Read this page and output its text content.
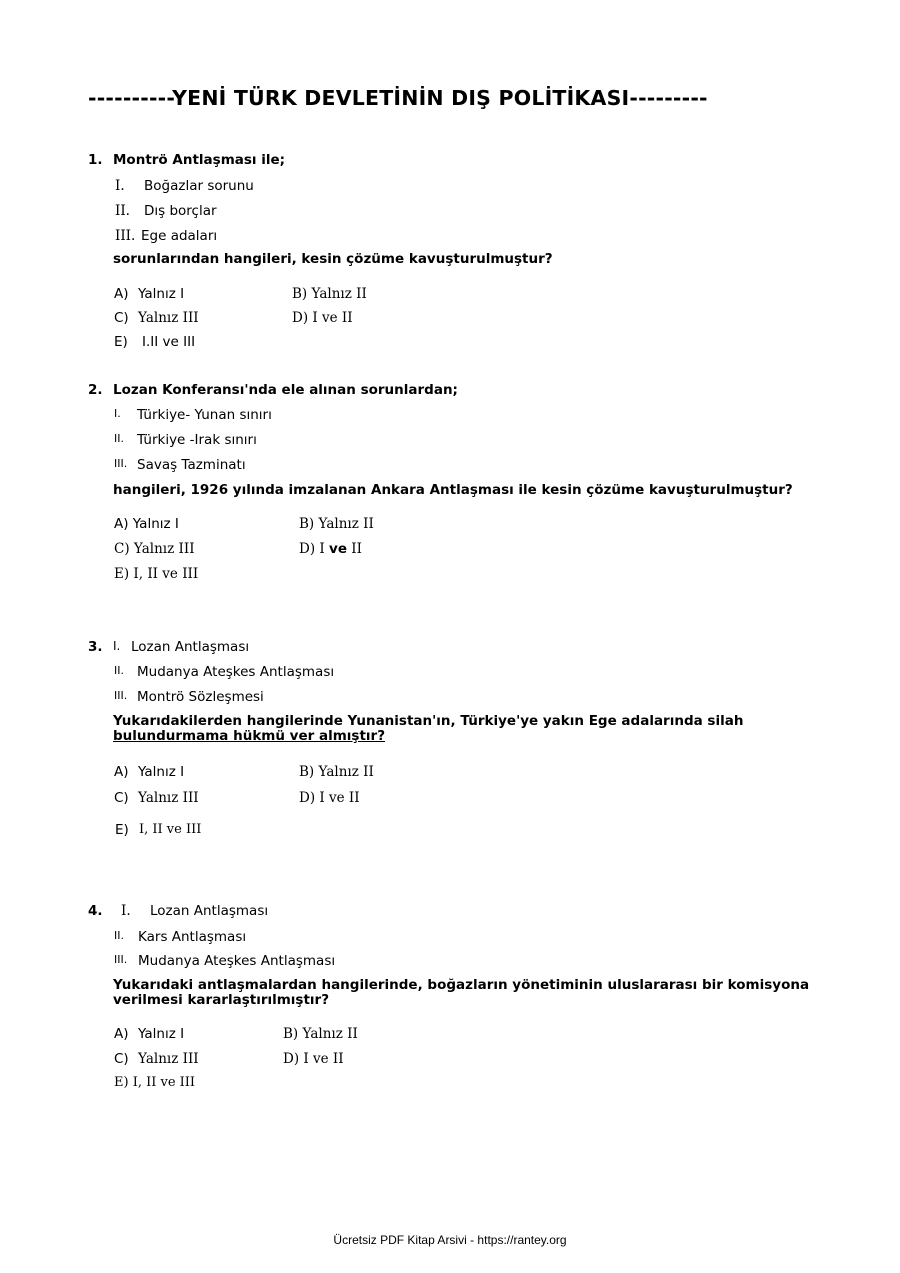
----------YENİ TÜRK DEVLETİNİN DIŞ POLİTİKASI---------
1. Montrö Antlaşması ile;
I. Boğazlar sorunu
II. Dış borçlar
III. Ege adaları
sorunlarından hangileri, kesin çözüme kavuşturulmuştur?
A) Yalnız I	B) Yalnız II
C) Yalnız III	D) I ve II
E) I.II ve III
2. Lozan Konferansı'nda ele alınan sorunlardan;
I. Türkiye- Yunan sınırı
II. Türkiye -Irak sınırı
III. Savaş Tazminatı
hangileri, 1926 yılında imzalanan Ankara Antlaşması ile kesin çözüme kavuşturulmuştur?
A) Yalnız I	B) Yalnız II
C) Yalnız III	D) I ve II
E) I, II ve III
3. I. Lozan Antlaşması
II. Mudanya Ateşkes Antlaşması
III. Montrö Sözleşmesi
Yukarıdakilerden hangilerinde Yunanistan'ın, Türkiye'ye yakın Ege adalarında silah
bulundurmama hükmü ver almıştır?
A) Yalnız I	B) Yalnız II
C) Yalnız III	D) I ve II
E) I, II ve III
4. I. Lozan Antlaşması
II. Kars Antlaşması
III. Mudanya Ateşkes Antlaşması
Yukarıdaki antlaşmalardan hangilerinde, boğazların yönetiminin uluslararası bir komisyona
verilmesi kararlaştırılmıştır?
A) Yalnız I	B) Yalnız II
C) Yalnız III	D) I ve II
E) I, II ve III
Ücretsiz PDF Kitap Arsivi - https://rantey.org
